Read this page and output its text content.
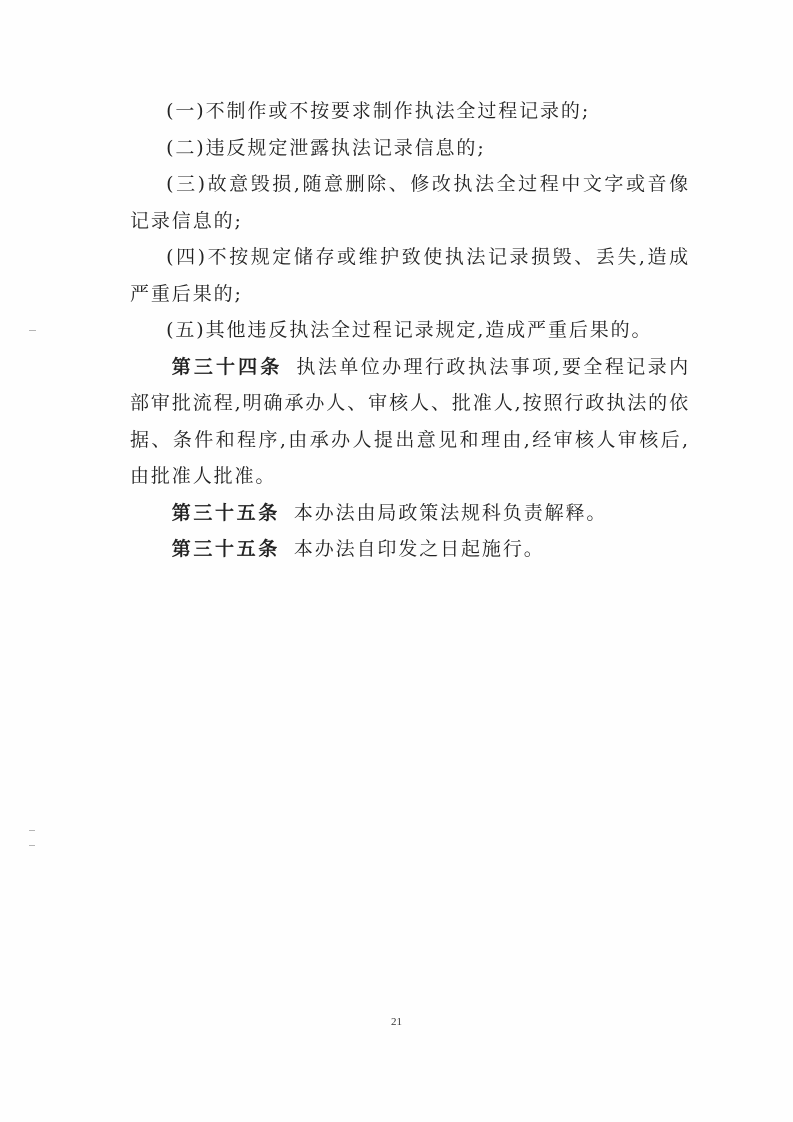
(一)不制作或不按要求制作执法全过程记录的;

(二)违反规定泄露执法记录信息的;

(三)故意毁损,随意删除、修改执法全过程中文字或音像记录信息的;

(四)不按规定储存或维护致使执法记录损毁、丢失,造成严重后果的;

(五)其他违反执法全过程记录规定,造成严重后果的。

第三十四条 执法单位办理行政执法事项,要全程记录内部审批流程,明确承办人、审核人、批准人,按照行政执法的依据、条件和程序,由承办人提出意见和理由,经审核人审核后,由批准人批准。

第三十五条 本办法由局政策法规科负责解释。

第三十五条 本办法自印发之日起施行。

21
